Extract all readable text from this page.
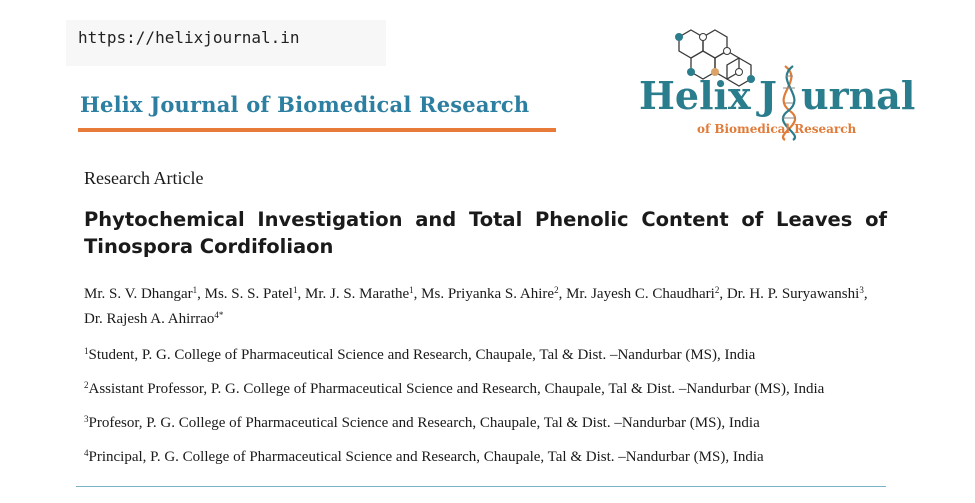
https://helixjournal.in
Helix Journal of Biomedical Research	Helix J urnal
of Biomedical Research
Research Article
Phytochemical Investigation and Total Phenolic Content of Leaves of Tinospora Cordifoliaon
Mr. S. V. Dhangar$^1$, Ms. S. S. Patel$^1$, Mr. J. S. Marathe$^1$, Ms. Priyanka S. Ahire$^2$, Mr. Jayesh C. Chaudhari$^2$, Dr. H. P. Suryawanshi$^3$, Dr. Rajesh A. Ahirrao$^{4*}$
$^1$Student, P. G. College of Pharmaceutical Science and Research, Chaupale, Tal & Dist. –Nandurbar (MS), India
$^2$Assistant Professor, P. G. College of Pharmaceutical Science and Research, Chaupale, Tal & Dist. –Nandurbar (MS), India
$^3$Profesor, P. G. College of Pharmaceutical Science and Research, Chaupale, Tal & Dist. –Nandurbar (MS), India
$^4$Principal, P. G. College of Pharmaceutical Science and Research, Chaupale, Tal & Dist. –Nandurbar (MS), India
